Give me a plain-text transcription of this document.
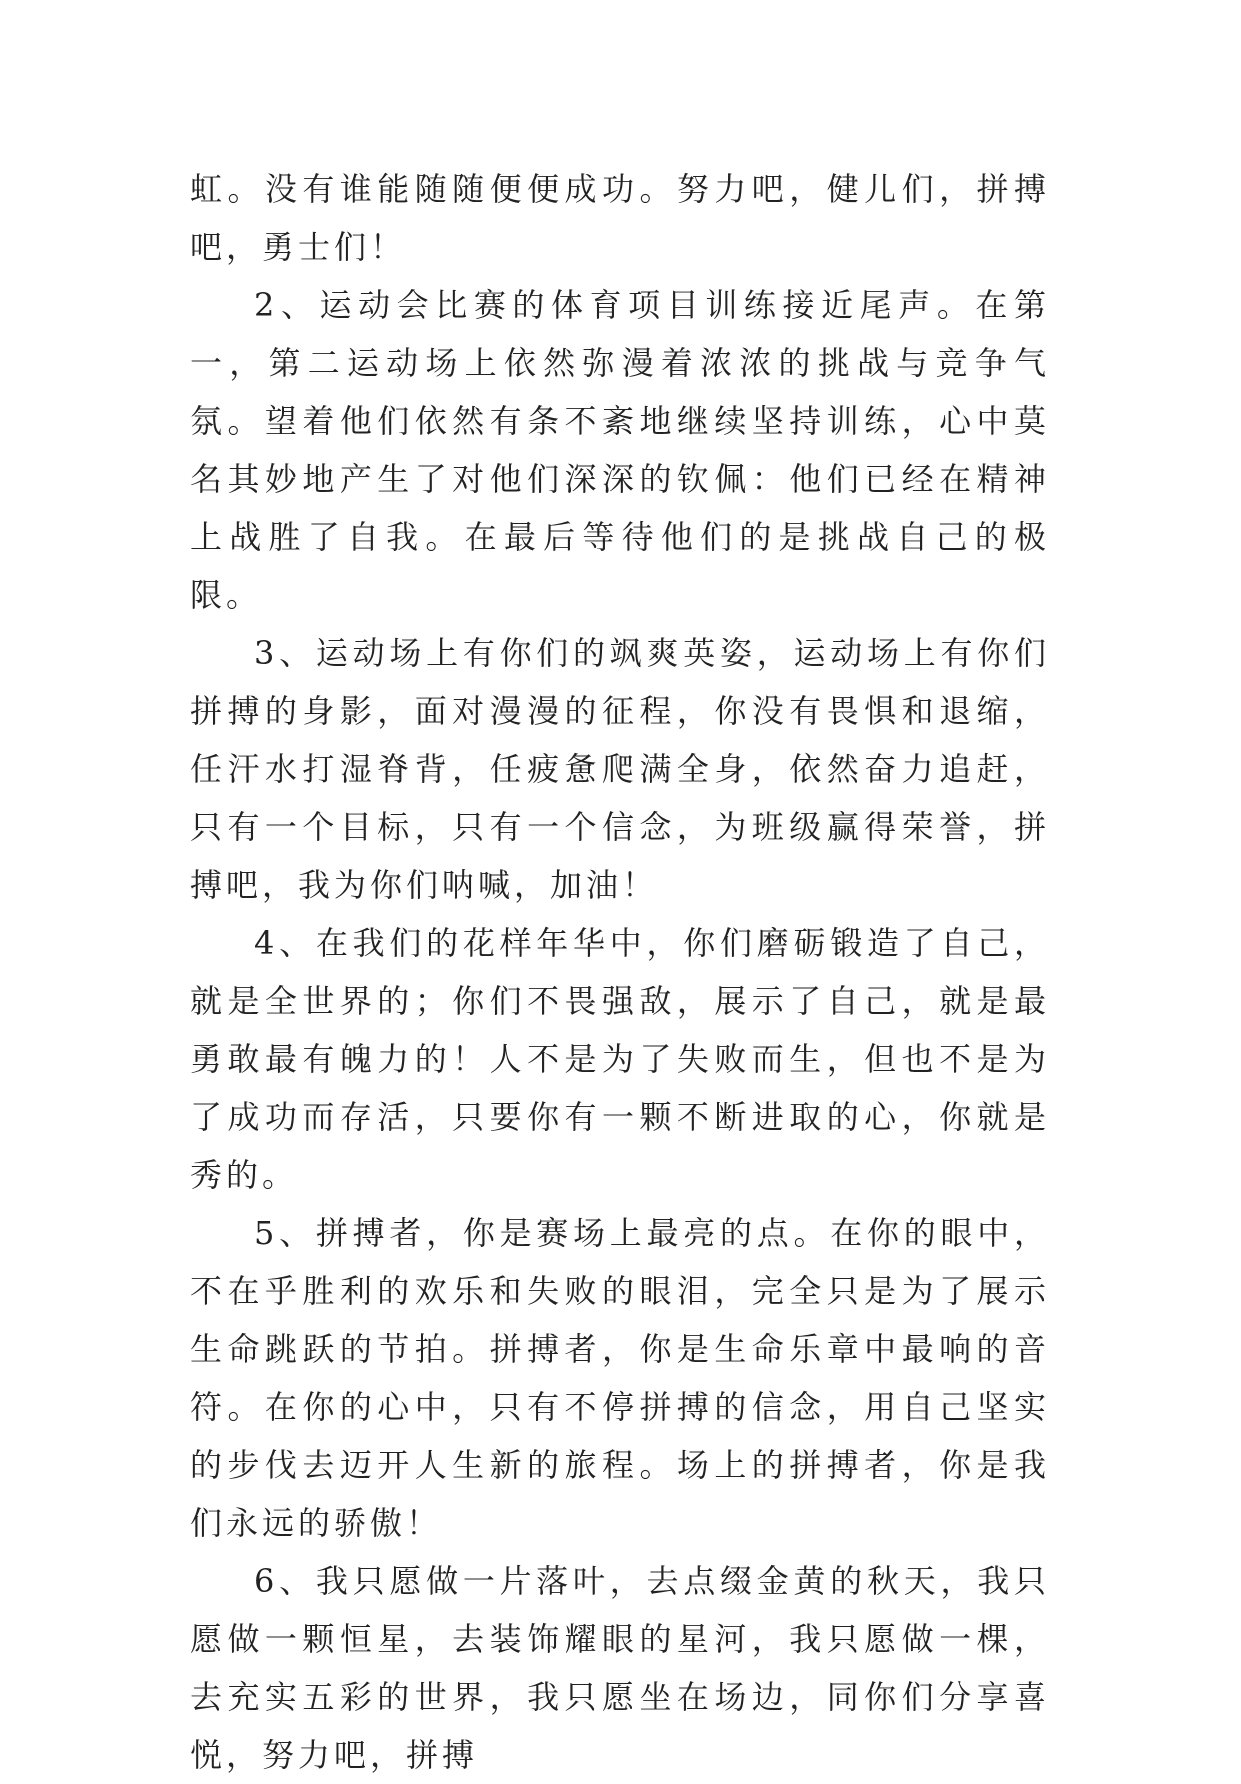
虹。没有谁能随随便便成功。努力吧，健儿们，拼搏吧，勇士们！

2、运动会比赛的体育项目训练接近尾声。在第一，第二运动场上依然弥漫着浓浓的挑战与竞争气氛。望着他们依然有条不紊地继续坚持训练，心中莫名其妙地产生了对他们深深的钦佩：他们已经在精神上战胜了自我。在最后等待他们的是挑战自己的极限。

3、运动场上有你们的飒爽英姿，运动场上有你们拼搏的身影，面对漫漫的征程，你没有畏惧和退缩，任汗水打湿脊背，任疲惫爬满全身，依然奋力追赶，只有一个目标，只有一个信念，为班级赢得荣誉，拼搏吧，我为你们呐喊，加油！

4、在我们的花样年华中，你们磨砺锻造了自己，就是全世界的；你们不畏强敌，展示了自己，就是最勇敢最有魄力的！人不是为了失败而生，但也不是为了成功而存活，只要你有一颗不断进取的心，你就是秀的。

5、拼搏者，你是赛场上最亮的点。在你的眼中，不在乎胜利的欢乐和失败的眼泪，完全只是为了展示生命跳跃的节拍。拼搏者，你是生命乐章中最响的音符。在你的心中，只有不停拼搏的信念，用自己坚实的步伐去迈开人生新的旅程。场上的拼搏者，你是我们永远的骄傲！

6、我只愿做一片落叶，去点缀金黄的秋天，我只愿做一颗恒星，去装饰耀眼的星河，我只愿做一棵，去充实五彩的世界，我只愿坐在场边，同你们分享喜悦，努力吧，拼搏
